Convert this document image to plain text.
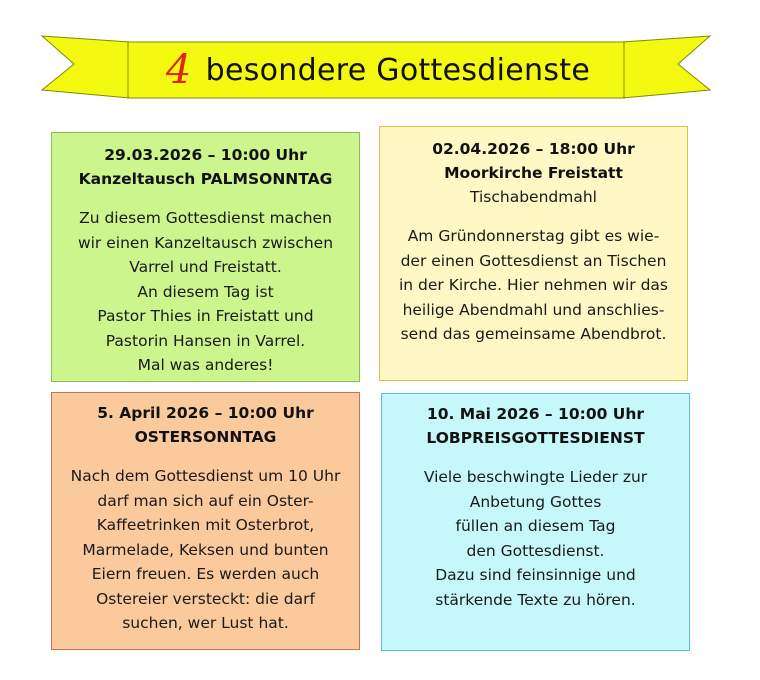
4 besondere Gottesdienste
29.03.2026 – 10:00 Uhr
Kanzeltausch PALMSONNTAG
Zu diesem Gottesdienst machen
wir einen Kanzeltausch zwischen
Varrel und Freistatt.
An diesem Tag ist
Pastor Thies in Freistatt und
Pastorin Hansen in Varrel.
Mal was anderes!
02.04.2026 – 18:00 Uhr
Moorkirche Freistatt
Tischabendmahl
Am Gründonnerstag gibt es wie-
der einen Gottesdienst an Tischen
in der Kirche. Hier nehmen wir das
heilige Abendmahl und anschlies-
send das gemeinsame Abendbrot.
5. April 2026 – 10:00 Uhr
OSTERSONNTAG
Nach dem Gottesdienst um 10 Uhr
darf man sich auf ein Oster-
Kaffeetrinken mit Osterbrot,
Marmelade, Keksen und bunten
Eiern freuen. Es werden auch
Ostereier versteckt: die darf
suchen, wer Lust hat.
10. Mai 2026 – 10:00 Uhr
LOBPREISGOTTESDIENST
Viele beschwingte Lieder zur
Anbetung Gottes
füllen an diesem Tag
den Gottesdienst.
Dazu sind feinsinnige und
stärkende Texte zu hören.
